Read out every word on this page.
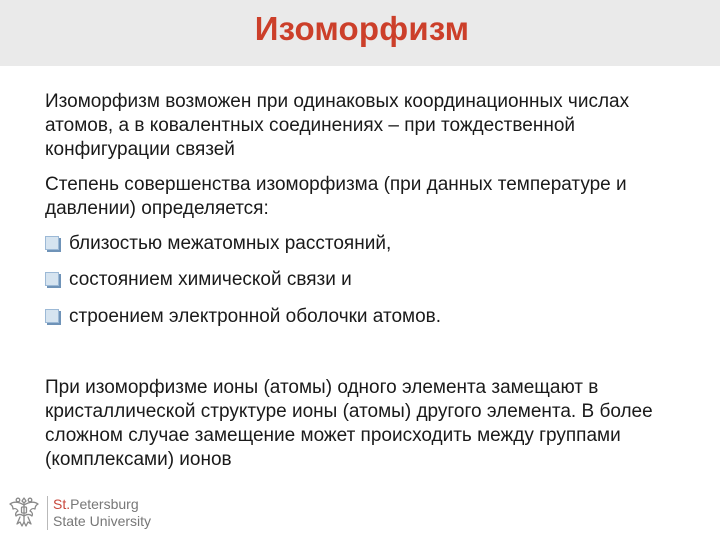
Изоморфизм

Изоморфизм возможен при одинаковых координационных числах атомов, а в ковалентных соединениях – при тождественной конфигурации связей

Степень совершенства изоморфизма (при данных температуре и давлении) определяется:

близостью межатомных расстояний,
состоянием химической связи и
строением электронной оболочки атомов.

При изоморфизме ионы (атомы) одного элемента замещают в кристаллической структуре ионы (атомы) другого элемента. В более сложном случае замещение может происходить между группами (комплексами) ионов

St.Petersburg
State University
